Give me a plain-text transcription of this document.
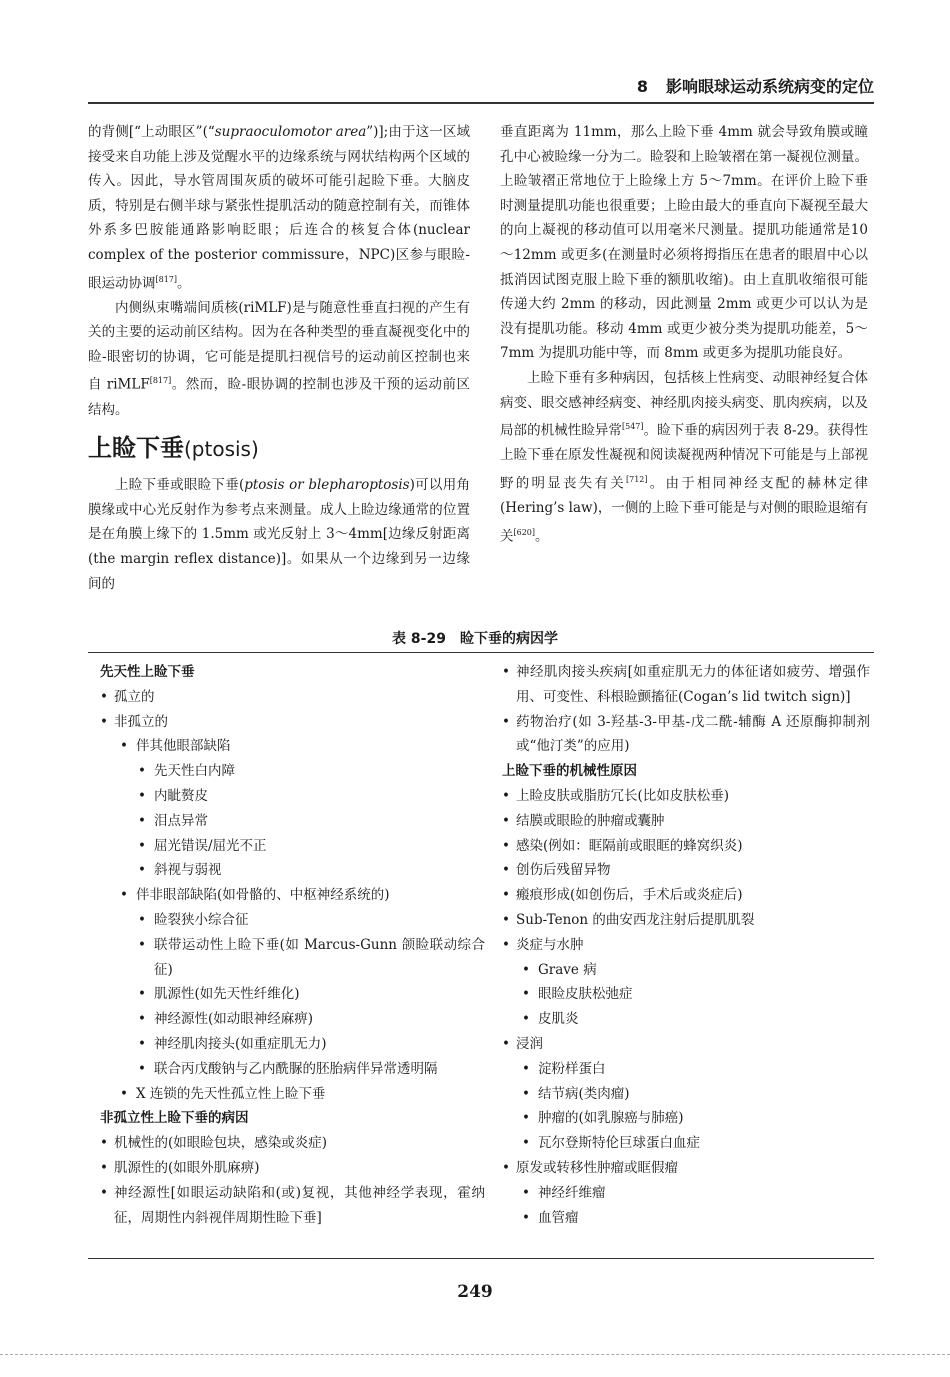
8 影响眼球运动系统病变的定位

的背侧[“上动眼区”(“supraoculomotor area”)];由于这一区域接受来自功能上涉及觉醒水平的边缘系统与网状结构两个区域的传入。因此，导水管周围灰质的破坏可能引起睑下垂。大脑皮质，特别是右侧半球与紧张性提肌活动的随意控制有关，而锥体外系多巴胺能通路影响眨眼；后连合的核复合体(nuclear complex of the posterior commissure，NPC)区参与眼睑-眼运动协调[817]。

内侧纵束嘴端间质核(riMLF)是与随意性垂直扫视的产生有关的主要的运动前区结构。因为在各种类型的垂直凝视变化中的睑-眼密切的协调，它可能是提肌扫视信号的运动前区控制也来自 riMLF[817]。然而，睑-眼协调的控制也涉及干预的运动前区结构。

上睑下垂(ptosis)

上睑下垂或眼睑下垂(ptosis or blepharoptosis)可以用角膜缘或中心光反射作为参考点来测量。成人上睑边缘通常的位置是在角膜上缘下的 1.5mm 或光反射上 3～4mm[边缘反射距离(the margin reflex distance)]。如果从一个边缘到另一边缘间的

垂直距离为 11mm，那么上睑下垂 4mm 就会导致角膜或瞳孔中心被睑缘一分为二。睑裂和上睑皱褶在第一凝视位测量。上睑皱褶正常地位于上睑缘上方 5～7mm。在评价上睑下垂时测量提肌功能也很重要；上睑由最大的垂直向下凝视至最大的向上凝视的移动值可以用毫米尺测量。提肌功能通常是10～12mm 或更多(在测量时必须将拇指压在患者的眼眉中心以抵消因试图克服上睑下垂的额肌收缩)。由上直肌收缩很可能传递大约 2mm 的移动，因此测量 2mm 或更少可以认为是没有提肌功能。移动 4mm 或更少被分类为提肌功能差，5～7mm 为提肌功能中等，而 8mm 或更多为提肌功能良好。

上睑下垂有多种病因，包括核上性病变、动眼神经复合体病变、眼交感神经病变、神经肌肉接头病变、肌肉疾病，以及局部的机械性睑异常[547]。睑下垂的病因列于表 8-29。获得性上睑下垂在原发性凝视和阅读凝视两种情况下可能是与上部视野的明显丧失有关[712]。由于相同神经支配的赫林定律(Hering’s law)，一侧的上睑下垂可能是与对侧的眼睑退缩有关[620]。

表 8-29　睑下垂的病因学
先天性上睑下垂
• 孤立的
• 非孤立的
• 伴其他眼部缺陷
• 先天性白内障
• 内眦赘皮
• 泪点异常
• 屈光错误/屈光不正
• 斜视与弱视
• 伴非眼部缺陷(如骨骼的、中枢神经系统的)
• 睑裂狭小综合征
• 联带运动性上睑下垂(如 Marcus-Gunn 颌睑联动综合征)
• 肌源性(如先天性纤维化)
• 神经源性(如动眼神经麻痹)
• 神经肌肉接头(如重症肌无力)
• 联合丙戊酸钠与乙内酰脲的胚胎病伴异常透明隔
• X 连锁的先天性孤立性上睑下垂
非孤立性上睑下垂的病因
• 机械性的(如眼睑包块，感染或炎症)
• 肌源性的(如眼外肌麻痹)
• 神经源性[如眼运动缺陷和(或)复视，其他神经学表现，霍纳征，周期性内斜视伴周期性睑下垂]
• 神经肌肉接头疾病[如重症肌无力的体征诸如疲劳、增强作用、可变性、科根睑颤搐征(Cogan’s lid twitch sign)]
• 药物治疗(如 3-羟基-3-甲基-戊二酰-辅酶 A 还原酶抑制剂或“他汀类”的应用)
上睑下垂的机械性原因
• 上睑皮肤或脂肪冗长(比如皮肤松垂)
• 结膜或眼睑的肿瘤或囊肿
• 感染(例如：眶隔前或眼眶的蜂窝织炎)
• 创伤后残留异物
• 瘢痕形成(如创伤后，手术后或炎症后)
• Sub-Tenon 的曲安西龙注射后提肌肌裂
• 炎症与水肿
• Grave 病
• 眼睑皮肤松弛症
• 皮肌炎
• 浸润
• 淀粉样蛋白
• 结节病(类肉瘤)
• 肿瘤的(如乳腺癌与肺癌)
• 瓦尔登斯特伦巨球蛋白血症
• 原发或转移性肿瘤或眶假瘤
• 神经纤维瘤
• 血管瘤
249
